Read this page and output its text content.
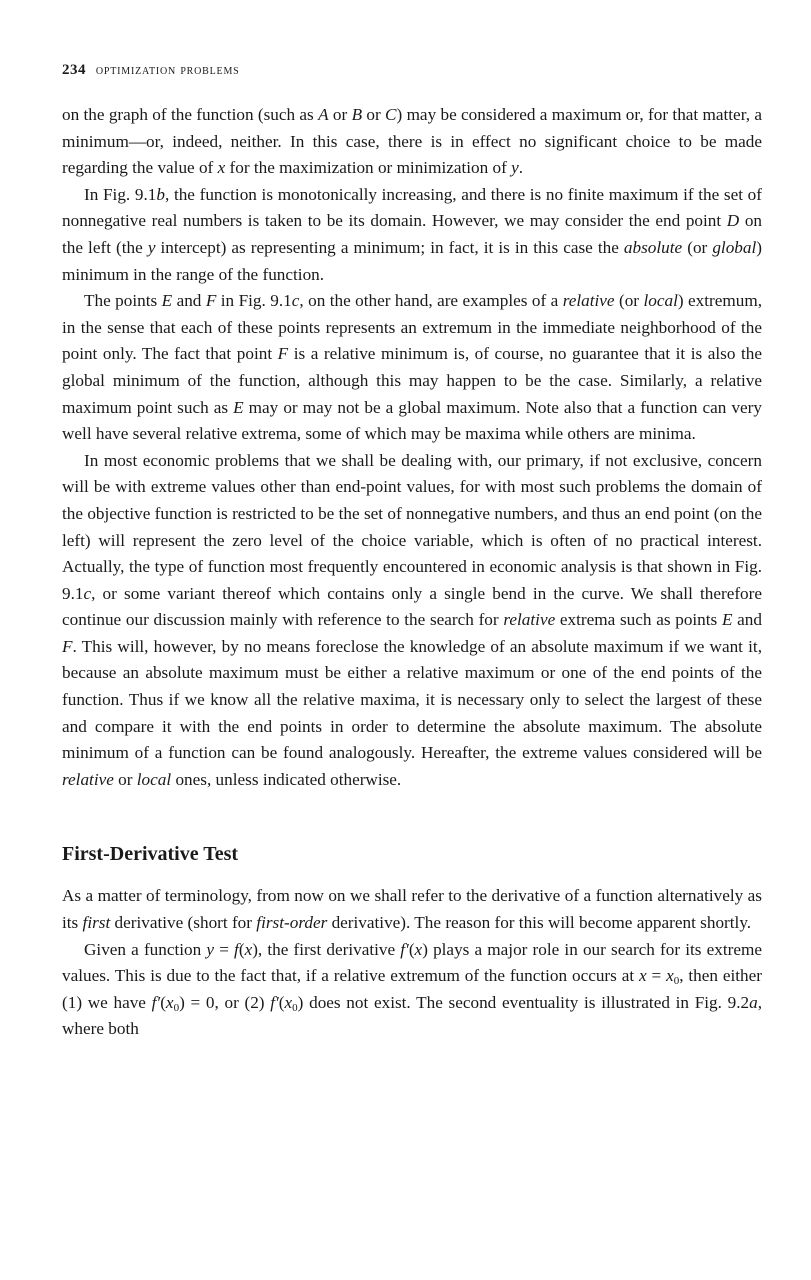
234 optimization problems

on the graph of the function (such as A or B or C) may be considered a maximum or, for that matter, a minimum—or, indeed, neither. In this case, there is in effect no significant choice to be made regarding the value of x for the maximization or minimization of y.

In Fig. 9.1b, the function is monotonically increasing, and there is no finite maximum if the set of nonnegative real numbers is taken to be its domain. However, we may consider the end point D on the left (the y intercept) as representing a minimum; in fact, it is in this case the absolute (or global) minimum in the range of the function.

The points E and F in Fig. 9.1c, on the other hand, are examples of a relative (or local) extremum, in the sense that each of these points represents an extremum in the immediate neighborhood of the point only. The fact that point F is a relative minimum is, of course, no guarantee that it is also the global minimum of the function, although this may happen to be the case. Similarly, a relative maximum point such as E may or may not be a global maximum. Note also that a function can very well have several relative extrema, some of which may be maxima while others are minima.

In most economic problems that we shall be dealing with, our primary, if not exclusive, concern will be with extreme values other than end-point values, for with most such problems the domain of the objective function is restricted to be the set of nonnegative numbers, and thus an end point (on the left) will represent the zero level of the choice variable, which is often of no practical interest. Actually, the type of function most frequently encountered in economic analysis is that shown in Fig. 9.1c, or some variant thereof which contains only a single bend in the curve. We shall therefore continue our discussion mainly with reference to the search for relative extrema such as points E and F. This will, however, by no means foreclose the knowledge of an absolute maximum if we want it, because an absolute maximum must be either a relative maximum or one of the end points of the function. Thus if we know all the relative maxima, it is necessary only to select the largest of these and compare it with the end points in order to determine the absolute maximum. The absolute minimum of a function can be found analogously. Hereafter, the extreme values considered will be relative or local ones, unless indicated otherwise.

First-Derivative Test

As a matter of terminology, from now on we shall refer to the derivative of a function alternatively as its first derivative (short for first-order derivative). The reason for this will become apparent shortly.

Given a function y = f(x), the first derivative f′(x) plays a major role in our search for its extreme values. This is due to the fact that, if a relative extremum of the function occurs at $x = x_0$, then either (1) we have $f'(x_0) = 0$, or (2) $f'(x_0)$ does not exist. The second eventuality is illustrated in Fig. 9.2a, where both
